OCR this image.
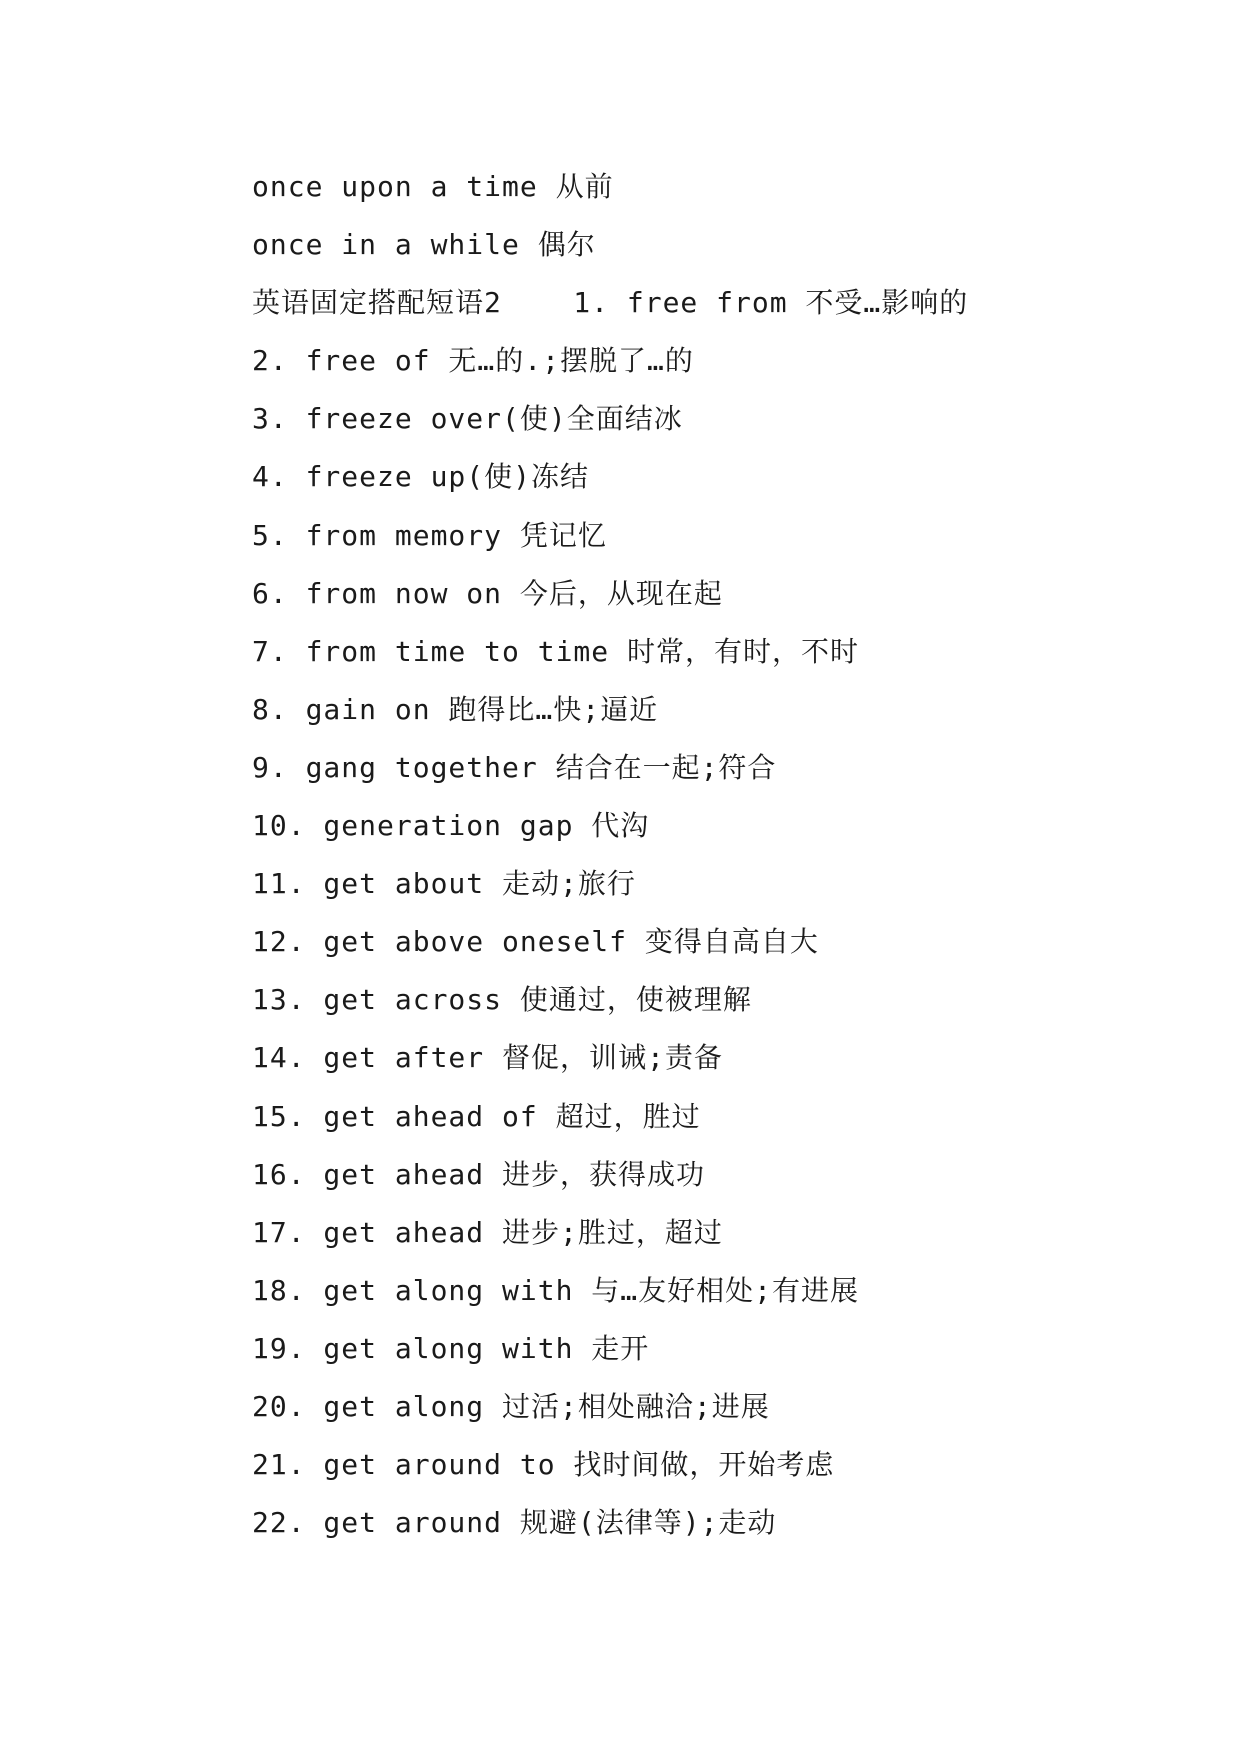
once upon a time 从前
once in a while 偶尔
英语固定搭配短语2    1. free from 不受…影响的
2. free of 无…的.;摆脱了…的
3. freeze over(使)全面结冰
4. freeze up(使)冻结
5. from memory 凭记忆
6. from now on 今后，从现在起
7. from time to time 时常，有时，不时
8. gain on 跑得比…快;逼近
9. gang together 结合在一起;符合
10. generation gap 代沟
11. get about 走动;旅行
12. get above oneself 变得自高自大
13. get across 使通过，使被理解
14. get after 督促，训诫;责备
15. get ahead of 超过，胜过
16. get ahead 进步，获得成功
17. get ahead 进步;胜过，超过
18. get along with 与…友好相处;有进展
19. get along with 走开
20. get along 过活;相处融洽;进展
21. get around to 找时间做，开始考虑
22. get around 规避(法律等);走动
